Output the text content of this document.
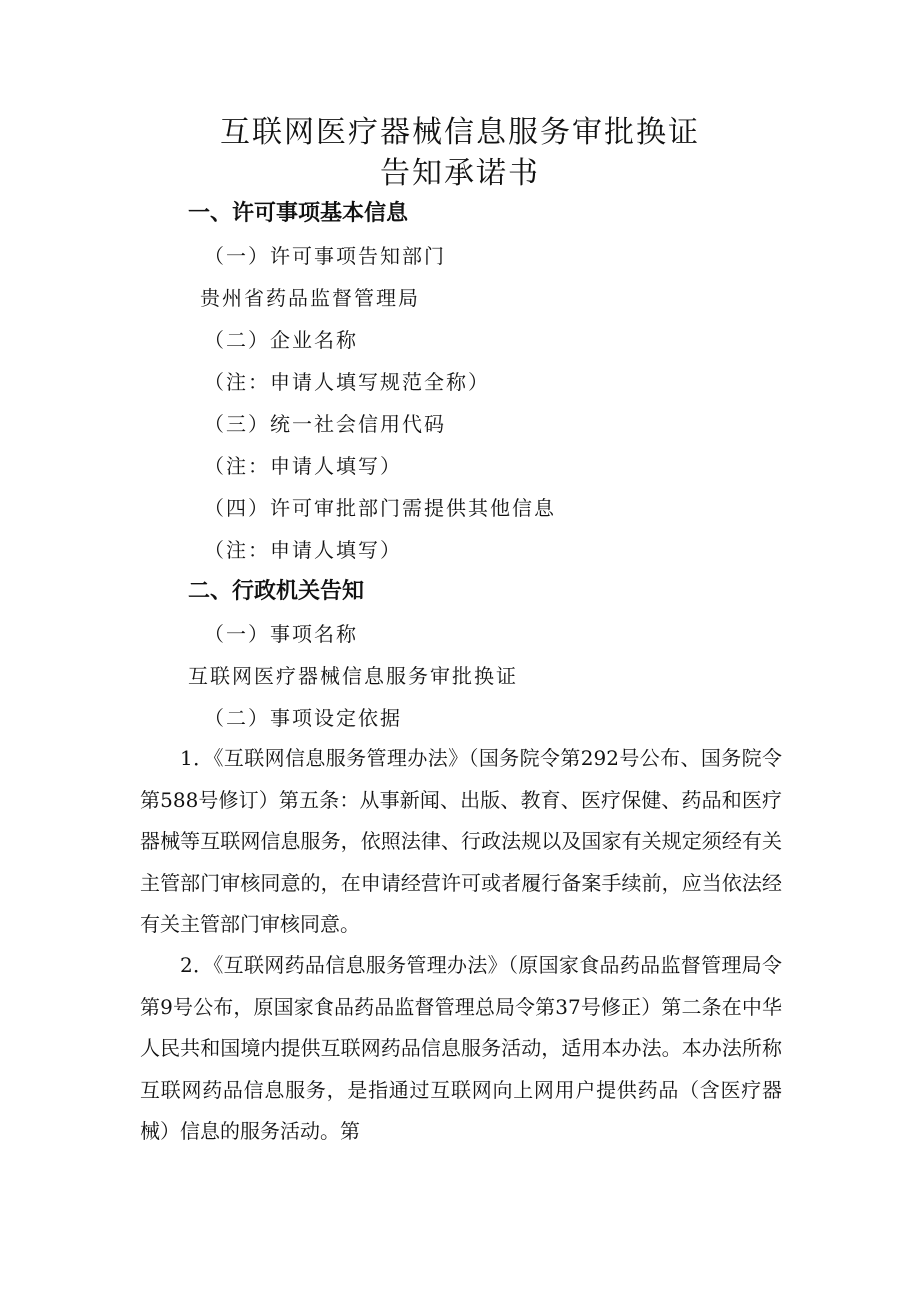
互联网医疗器械信息服务审批换证
告知承诺书
一、许可事项基本信息

（一）许可事项告知部门

贵州省药品监督管理局

（二）企业名称

（注：申请人填写规范全称）

（三）统一社会信用代码

（注：申请人填写）

（四）许可审批部门需提供其他信息

（注：申请人填写）

二、行政机关告知

（一）事项名称

互联网医疗器械信息服务审批换证

（二）事项设定依据

1．《互联网信息服务管理办法》（国务院令第292号公布、国务院令第588号修订）第五条：从事新闻、出版、教育、医疗保健、药品和医疗器械等互联网信息服务，依照法律、行政法规以及国家有关规定须经有关主管部门审核同意的，在申请经营许可或者履行备案手续前，应当依法经有关主管部门审核同意。

2．《互联网药品信息服务管理办法》（原国家食品药品监督管理局令第9号公布，原国家食品药品监督管理总局令第37号修正）第二条在中华人民共和国境内提供互联网药品信息服务活动，适用本办法。本办法所称互联网药品信息服务，是指通过互联网向上网用户提供药品（含医疗器械）信息的服务活动。第
